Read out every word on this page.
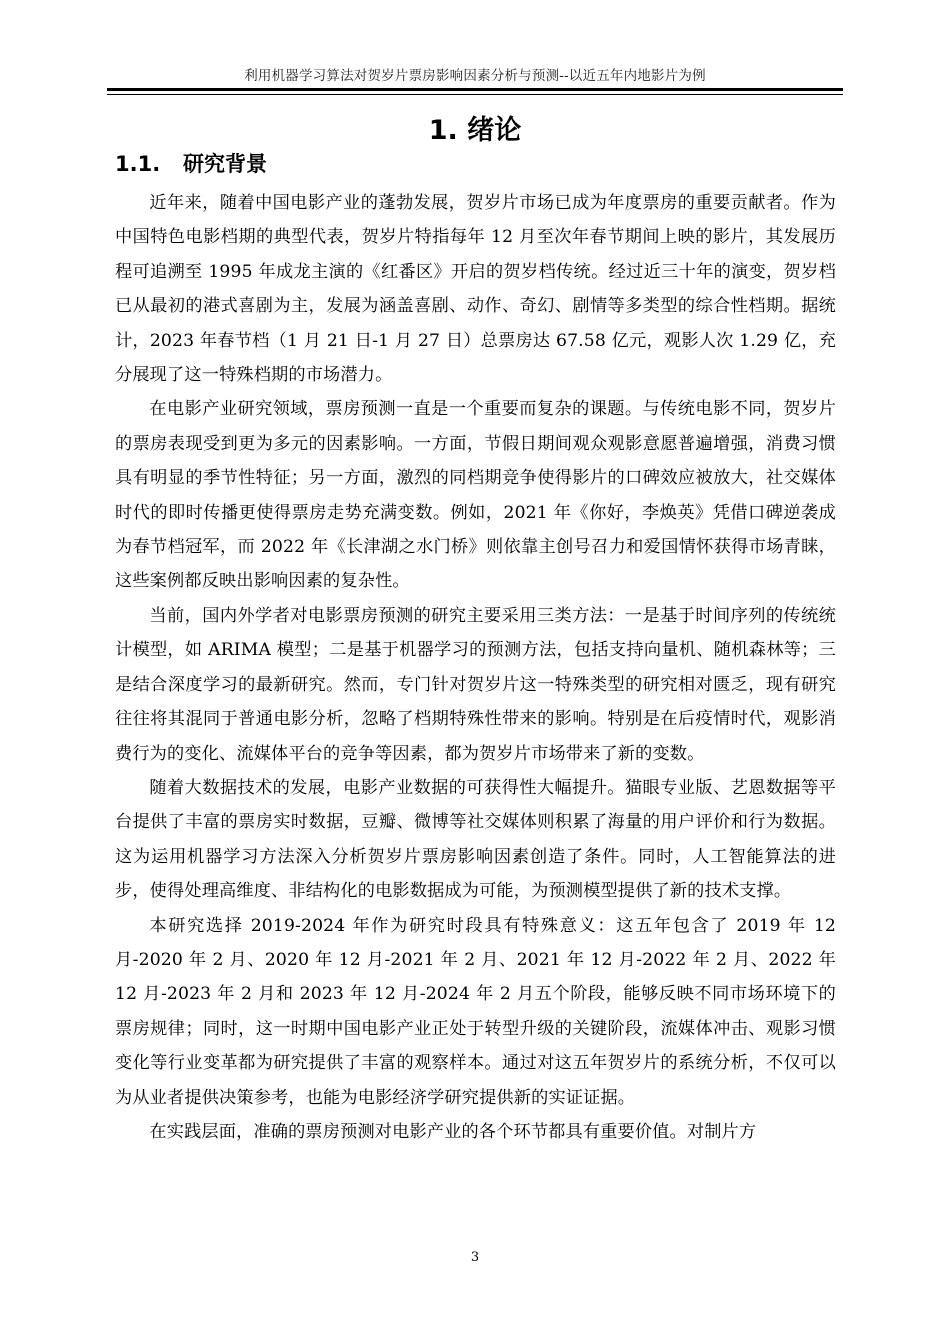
利用机器学习算法对贺岁片票房影响因素分析与预测--以近五年内地影片为例
1. 绪论
1.1. 研究背景

近年来，随着中国电影产业的蓬勃发展，贺岁片市场已成为年度票房的重要贡献者。作为中国特色电影档期的典型代表，贺岁片特指每年 12 月至次年春节期间上映的影片，其发展历程可追溯至 1995 年成龙主演的《红番区》开启的贺岁档传统。经过近三十年的演变，贺岁档已从最初的港式喜剧为主，发展为涵盖喜剧、动作、奇幻、剧情等多类型的综合性档期。据统计，2023 年春节档（1 月 21 日-1 月 27 日）总票房达 67.58 亿元，观影人次 1.29 亿，充分展现了这一特殊档期的市场潜力。

在电影产业研究领域，票房预测一直是一个重要而复杂的课题。与传统电影不同，贺岁片的票房表现受到更为多元的因素影响。一方面，节假日期间观众观影意愿普遍增强，消费习惯具有明显的季节性特征；另一方面，激烈的同档期竞争使得影片的口碑效应被放大，社交媒体时代的即时传播更使得票房走势充满变数。例如，2021 年《你好，李焕英》凭借口碑逆袭成为春节档冠军，而 2022 年《长津湖之水门桥》则依靠主创号召力和爱国情怀获得市场青睐，这些案例都反映出影响因素的复杂性。

当前，国内外学者对电影票房预测的研究主要采用三类方法：一是基于时间序列的传统统计模型，如 ARIMA 模型；二是基于机器学习的预测方法，包括支持向量机、随机森林等；三是结合深度学习的最新研究。然而，专门针对贺岁片这一特殊类型的研究相对匮乏，现有研究往往将其混同于普通电影分析，忽略了档期特殊性带来的影响。特别是在后疫情时代，观影消费行为的变化、流媒体平台的竞争等因素，都为贺岁片市场带来了新的变数。

随着大数据技术的发展，电影产业数据的可获得性大幅提升。猫眼专业版、艺恩数据等平台提供了丰富的票房实时数据，豆瓣、微博等社交媒体则积累了海量的用户评价和行为数据。这为运用机器学习方法深入分析贺岁片票房影响因素创造了条件。同时，人工智能算法的进步，使得处理高维度、非结构化的电影数据成为可能，为预测模型提供了新的技术支撑。

本研究选择 2019-2024 年作为研究时段具有特殊意义：这五年包含了 2019 年 12 月-2020 年 2 月、2020 年 12 月-2021 年 2 月、2021 年 12 月-2022 年 2 月、2022 年 12 月-2023 年 2 月和 2023 年 12 月-2024 年 2 月五个阶段，能够反映不同市场环境下的票房规律；同时，这一时期中国电影产业正处于转型升级的关键阶段，流媒体冲击、观影习惯变化等行业变革都为研究提供了丰富的观察样本。通过对这五年贺岁片的系统分析，不仅可以为从业者提供决策参考，也能为电影经济学研究提供新的实证证据。

在实践层面，准确的票房预测对电影产业的各个环节都具有重要价值。对制片方

3
